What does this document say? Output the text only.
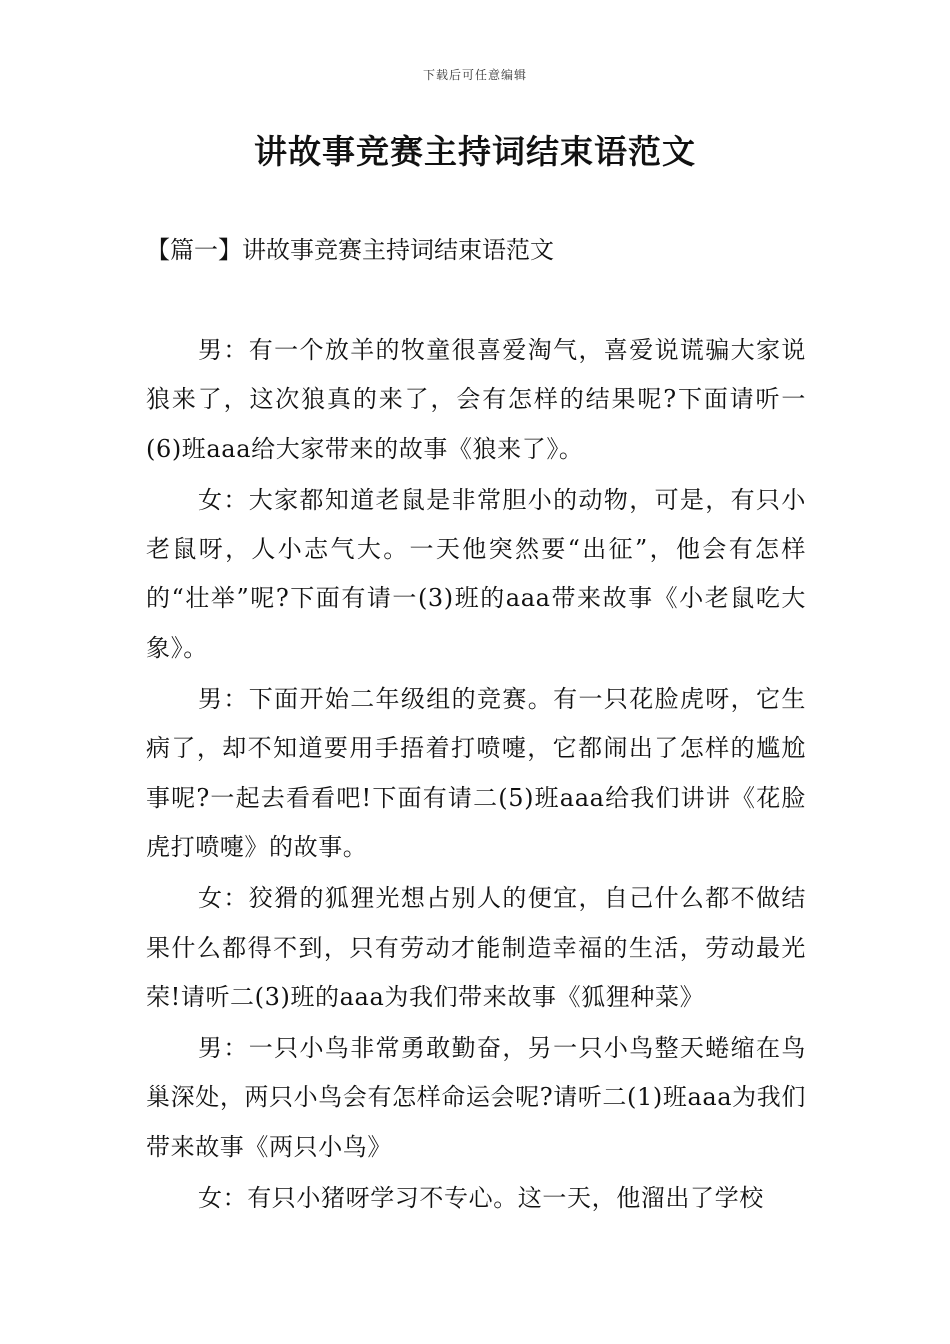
下载后可任意编辑
讲故事竞赛主持词结束语范文
【篇一】讲故事竞赛主持词结束语范文

男：有一个放羊的牧童很喜爱淘气，喜爱说谎骗大家说狼来了，这次狼真的来了，会有怎样的结果呢?下面请听一(6)班aaa给大家带来的故事《狼来了》。

女：大家都知道老鼠是非常胆小的动物，可是，有只小老鼠呀，人小志气大。一天他突然要“出征”，他会有怎样的“壮举”呢?下面有请一(3)班的aaa带来故事《小老鼠吃大象》。

男：下面开始二年级组的竞赛。有一只花脸虎呀，它生病了，却不知道要用手捂着打喷嚏，它都闹出了怎样的尴尬事呢?一起去看看吧!下面有请二(5)班aaa给我们讲讲《花脸虎打喷嚏》的故事。

女：狡猾的狐狸光想占别人的便宜，自己什么都不做结果什么都得不到，只有劳动才能制造幸福的生活，劳动最光荣!请听二(3)班的aaa为我们带来故事《狐狸种菜》

男：一只小鸟非常勇敢勤奋，另一只小鸟整天蜷缩在鸟巢深处，两只小鸟会有怎样命运会呢?请听二(1)班aaa为我们带来故事《两只小鸟》

女：有只小猪呀学习不专心。这一天，他溜出了学校
